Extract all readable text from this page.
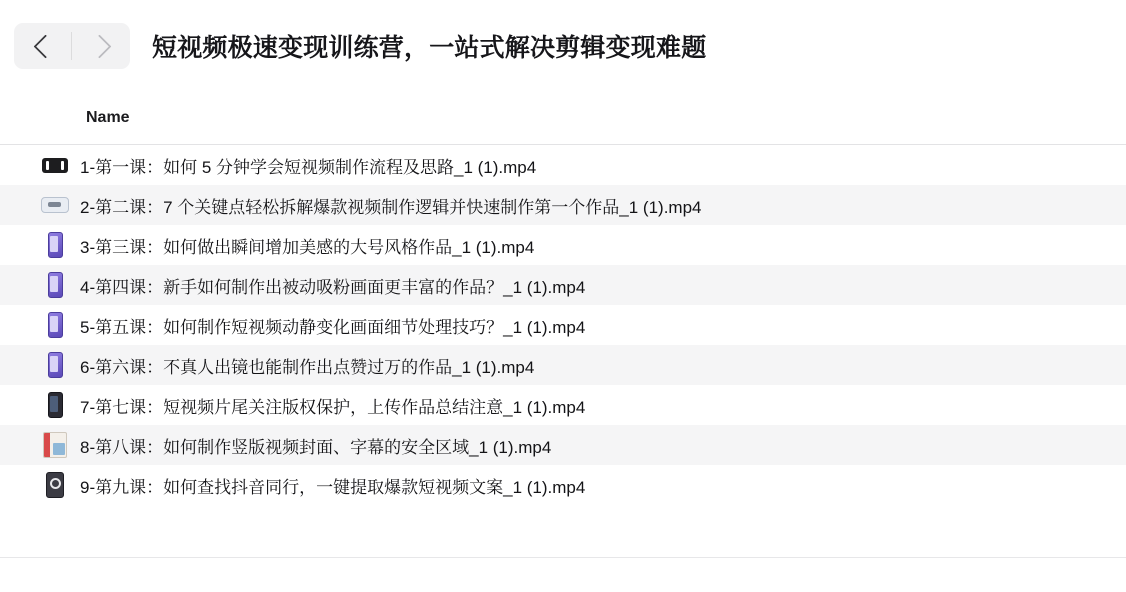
短视频极速变现训练营，一站式解决剪辑变现难题
Name
1-第一课：如何 5 分钟学会短视频制作流程及思路_1 (1).mp4
2-第二课：7 个关键点轻松拆解爆款视频制作逻辑并快速制作第一个作品_1 (1).mp4
3-第三课：如何做出瞬间增加美感的大号风格作品_1 (1).mp4
4-第四课：新手如何制作出被动吸粉画面更丰富的作品？_1 (1).mp4
5-第五课：如何制作短视频动静变化画面细节处理技巧？_1 (1).mp4
6-第六课：不真人出镜也能制作出点赞过万的作品_1 (1).mp4
7-第七课：短视频片尾关注版权保护，上传作品总结注意_1 (1).mp4
8-第八课：如何制作竖版视频封面、字幕的安全区域_1 (1).mp4
9-第九课：如何查找抖音同行，一键提取爆款短视频文案_1 (1).mp4
